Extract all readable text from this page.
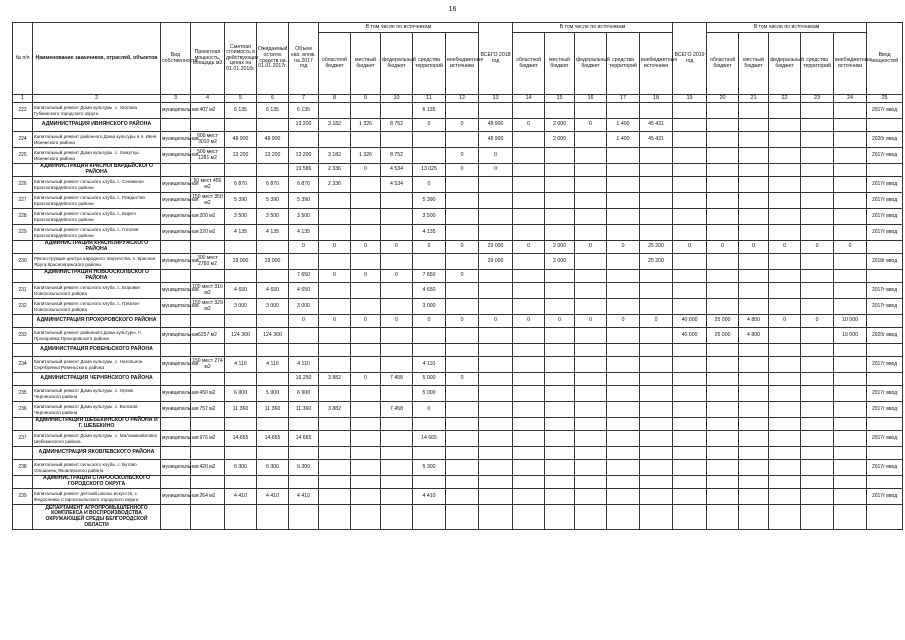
16
№ п/п	Наименование заказчиков, отраслей, объектов	Вид собственности	Проектная мощность, площадь м2	Сметная стоимость в действующих ценах на 01.01.2016г.	Ожидаемый остаток средств на 01.01.2017г.	Объем кап. влож. на 2017 год	В том числе по источникам					ВСЕГО 2018 год	В том числе по источникам					ВСЕГО 2019 год	В том числе по источникам					Ввод мощностей
							областной бюджет	местный бюджет	федеральный бюджет	средства территорий	внебюджетные источники		областной бюджет	местный бюджет	федеральный бюджет	средства территорий	внебюджетные источники		областной бюджет	местный бюджет	федеральный бюджет	средства территорий	внебюджетные источники	
1	2	3	4	5	6	7	8	9	10	11	12	13	14	15	16	17	18	19	20	21	22	23	24	25
222	Капитальный ремонт Дома культуры, с. Уколово Губкинского городского округа	муниципальная	407 м2	6 135	6 135	6 135				6 135														2017г ввод
	АДМИНИСТРАЦИЯ ИВНЯНСКОГО РАЙОНА					13 200	3 182	1 326	8 752	0	0	48 900	0	2 000	0	1 400	45 431							
224	Капитальный ремонт районного Дома культуры в п. Ивня Ивнянского района	муниципальная	600 мест 3010 м2	48 900	48 900							48 900		2 000		1 400	45 431							2020г ввод
225	Капитальный ремонт Дома культуры, с. Хомутцы Ивнянского района	муниципальная	500 мест 1281 м2	13 200	13 200	13 200	3 182	1 326	8 752		0	0												2017г ввод
	АДМИНИСТРАЦИЯ КРАСНОГВАРДЕЙСКОГО РАЙОНА					19 586	2 336	0	4 534	13 025	0	0												
226	Капитальный ремонт сельского клуба, с. Сенижное Красногвардейского района	муниципальная	50 мест 456 м2	6 870	6 870	6 870	2 336		4 534	0														2017г ввод
227	Капитальный ремонт сельского клуба, с. Рождество Красногвардейского района	муниципальная	150 мест 350 м2	5 390	5 390	5 390				5 390														2017г ввод
228	Капитальный ремонт сельского клуба, с. Бирюч Красногвардейского района	муниципальная	200 м2	3 500	3 500	3 500				3 500														2017г ввод
229	Капитальный ремонт сельского клуба, с. Гоголев Красногвардейского района	муниципальная	220 м2	4 135	4 135	4 135				4 135														2017г ввод
	АДМИНИСТРАЦИЯ КРАСНОЯРУЖСКОГО РАЙОНА					0	0	0	0	0	0	29 000	0	2 000	0	0	25 200	0	0	0	0	0	0	
230	Реконструкция центра народного творчества, п. Красная Яруга Краснояружского района	муниципальная	300 мест 2750 м2	29 000	29 000							29 000		2 000			25 200							2018г ввод
	АДМИНИСТРАЦИЯ НОВООСКОЛЬСКОГО РАЙОНА					7 650	0	0	0	7 650	0													
231	Капитальный ремонт сельского клуба, с. Боровки Новооскольского района	муниципальная	100 мест 310 м2	4 650	4 650	4 650				4 650														2017г ввод
232	Капитальный ремонт сельского клуба, с. Грязное Новооскольского района	муниципальная	150 мест 329 м2	3 000	3 000	3 000				3 000														2017г ввод
	АДМИНИСТРАЦИЯ ПРОХОРОВСКОГО РАЙОНА					0	0	0	0	0	0	0	0	0	0	0	0	40 000	25 000	4 800	0	0	10 000	
233	Капитальный ремонт районного Дома культуры, п. Прохоровка Прохоровского района	муниципальная	6257 м2	124 300	124 300													40 000	25 000	4 800			10 000	2020г ввод
	АДМИНИСТРАЦИЯ РОВЕНЬСКОГО РАЙОНА																							
234	Капитальный ремонт Дома культуры, с. Нагольное Серебрянка Ровеньского района	муниципальная	150 мест 274 м2	4 110	4 110	4 110				4 110														2017г ввод
	АДМИНИСТРАЦИЯ ЧЕРНЯНСКОГО РАЙОНА					16 250	3 882	0	7 458	5 000	0													
235	Капитальный ремонт Дома культуры, с. Орлик Чернянского района	муниципальная	450 м2	6 900	5 900	6 900				5 000														2017г ввод
236	Капитальный ремонт Дома культуры, с. Волоков Чернянского района	муниципальная	757 м2	11 360	11 360	11 360	3 882		7 458	0														2017г ввод
	АДМИНИСТРАЦИЯ ШЕБЕКИНСКОГО РАЙОНА И Г. ШЕБЕКИНО																							
237	Капитальный ремонт Дома культуры, с. Маломихайловка Шебекинского района	муниципальная	976 м2	14 665	14 665	14 665				14 665														2017г ввод
	АДМИНИСТРАЦИЯ ЯКОВЛЕВСКОГО РАЙОНА																							
238	Капитальный ремонт сельского клуба, с. Бутово Ольшанец Яковлевского района	муниципальная	420 м2	6 300	6 300	6 300				5 300														2017г ввод
	АДМИНИСТРАЦИЯ СТАРООСКОЛЬСКОГО ГОРОДСКОГО ОКРУГА																							
239	Капитальный ремонт детской школы искусств, с. Федосеевка Старооскольского городского округа	муниципальная	264 м2	4 410	4 410	4 410				4 410														2017г ввод
	ДЕПАРТАМЕНТ АГРОПРОМЫШЛЕННОГО КОМПЛЕКСА И ВОСПРОИЗВОДСТВА ОКРУЖАЮЩЕЙ СРЕДЫ БЕЛГОРОДСКОЙ ОБЛАСТИ																							
